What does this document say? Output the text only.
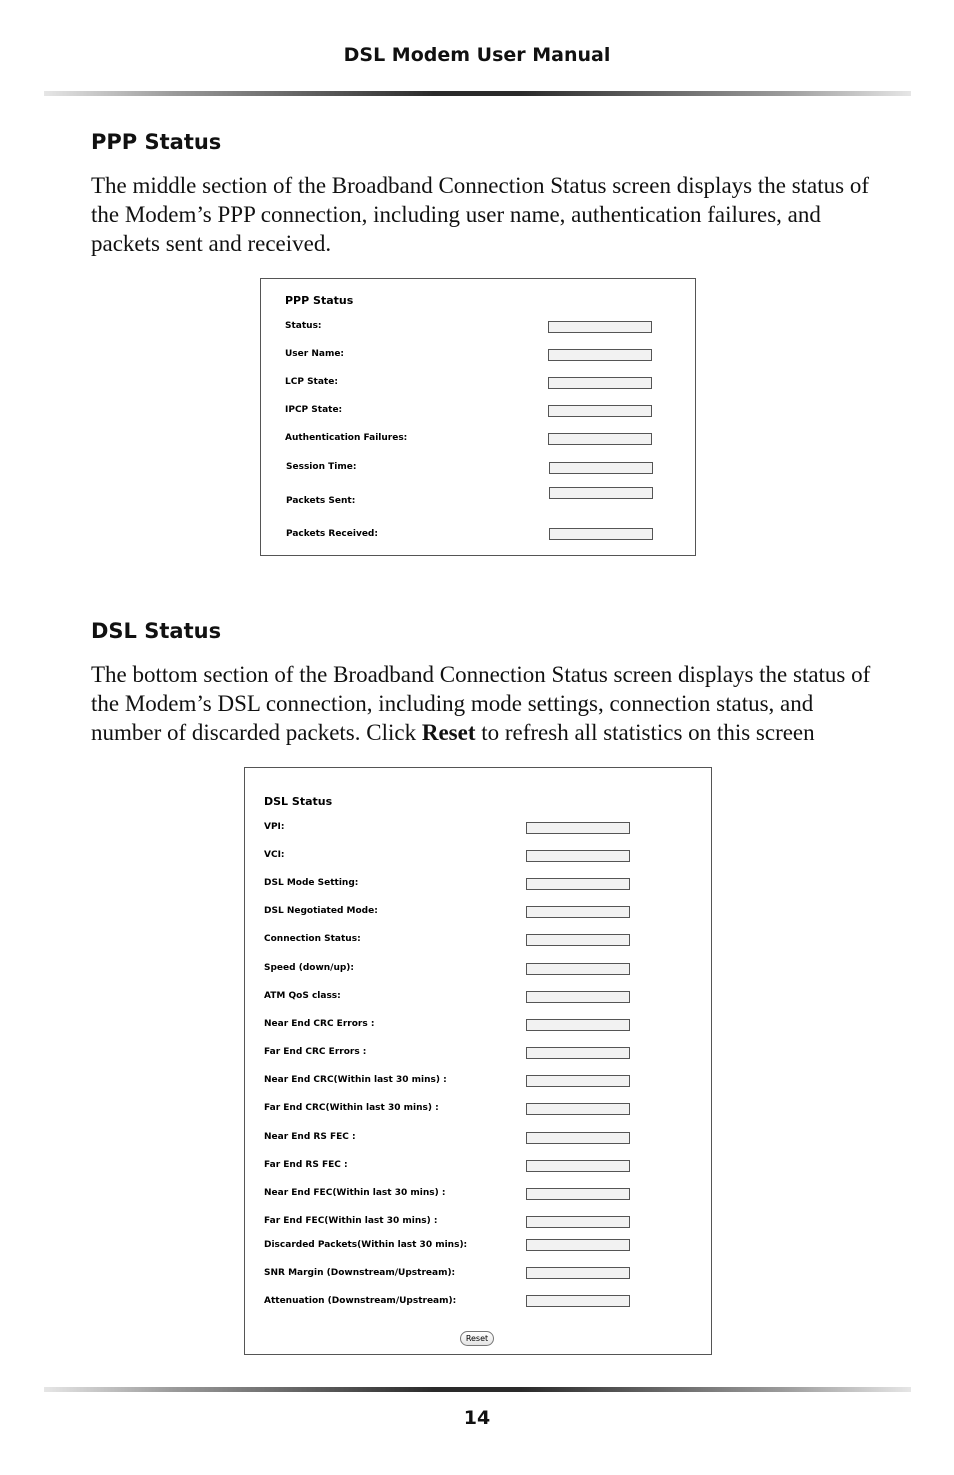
DSL Modem User Manual
PPP Status
The middle section of the Broadband Connection Status screen displays the status of the Modem’s PPP connection, including user name, authentication failures, and packets sent and received.
PPP Status
Status:
User Name:
LCP State:
IPCP State:
Authentication Failures:
Session Time:
Packets Sent:
Packets Received:
DSL Status
The bottom section of the Broadband Connection Status screen displays the status of the Modem’s DSL connection, including mode settings, connection status, and number of discarded packets. Click Reset to refresh all statistics on this screen
DSL Status
VPI:
VCI:
DSL Mode Setting:
DSL Negotiated Mode:
Connection Status:
Speed (down/up):
ATM QoS class:
Near End CRC Errors :
Far End CRC Errors :
Near End CRC(Within last 30 mins) :
Far End CRC(Within last 30 mins) :
Near End RS FEC :
Far End RS FEC :
Near End FEC(Within last 30 mins) :
Far End FEC(Within last 30 mins) :
Discarded Packets(Within last 30 mins):
SNR Margin (Downstream/Upstream):
Attenuation (Downstream/Upstream):
Reset
14
